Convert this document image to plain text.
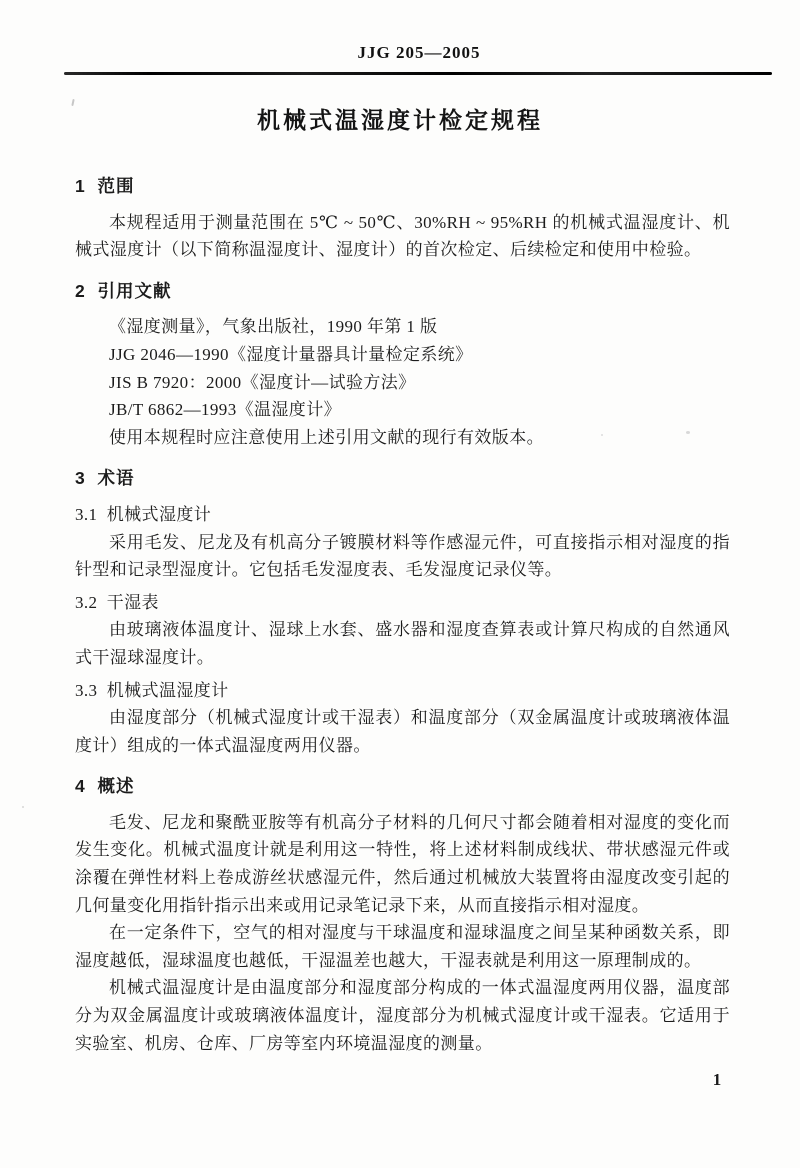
JJG 205—2005
机械式温湿度计检定规程
1  范围

本规程适用于测量范围在 5℃ ~ 50℃、30%RH ~ 95%RH 的机械式温湿度计、机械式湿度计（以下简称温湿度计、湿度计）的首次检定、后续检定和使用中检验。

2  引用文献
《湿度测量》，气象出版社，1990 年第 1 版
JJG 2046—1990《湿度计量器具计量检定系统》
JIS B 7920：2000《湿度计—试验方法》
JB/T 6862—1993《温湿度计》
使用本规程时应注意使用上述引用文献的现行有效版本。
3  术语
3.1  机械式湿度计

采用毛发、尼龙及有机高分子镀膜材料等作感湿元件，可直接指示相对湿度的指针型和记录型湿度计。它包括毛发湿度表、毛发湿度记录仪等。

3.2  干湿表

由玻璃液体温度计、湿球上水套、盛水器和湿度查算表或计算尺构成的自然通风式干湿球湿度计。

3.3  机械式温湿度计

由湿度部分（机械式湿度计或干湿表）和温度部分（双金属温度计或玻璃液体温度计）组成的一体式温湿度两用仪器。

4  概述

毛发、尼龙和聚酰亚胺等有机高分子材料的几何尺寸都会随着相对湿度的变化而发生变化。机械式温度计就是利用这一特性，将上述材料制成线状、带状感湿元件或涂覆在弹性材料上卷成游丝状感湿元件，然后通过机械放大装置将由湿度改变引起的几何量变化用指针指示出来或用记录笔记录下来，从而直接指示相对湿度。

在一定条件下，空气的相对湿度与干球温度和湿球温度之间呈某种函数关系，即湿度越低，湿球温度也越低，干湿温差也越大，干湿表就是利用这一原理制成的。

机械式温湿度计是由温度部分和湿度部分构成的一体式温湿度两用仪器，温度部分为双金属温度计或玻璃液体温度计，湿度部分为机械式湿度计或干湿表。它适用于实验室、机房、仓库、厂房等室内环境温湿度的测量。

1
